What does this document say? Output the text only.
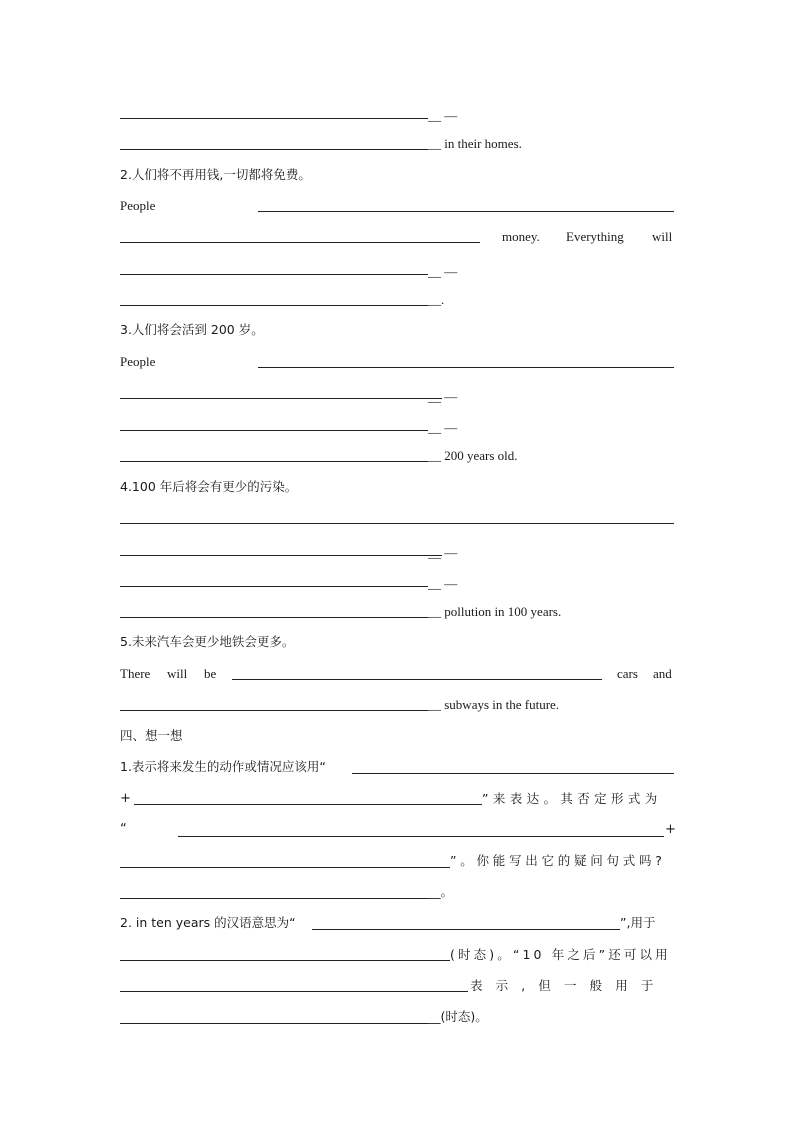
__ —
__ in their homes.
2.人们将不再用钱,一切都将免费。
People
money. Everything will
__ —
__.
3.人们将会活到 200 岁。
People
__ —
__ —
__ 200 years old.
4.100 年后将会有更少的污染。
__ —
__ —
__ pollution in 100 years.
5.未来汽车会更少地铁会更多。
There will be	cars and
__ subways in the future.
四、想一想
1.表示将来发生的动作或情况应该用“
+	”来表达。其否定形式为
“	+
”。你能写出它的疑问句式吗?
__。
2. in ten years 的汉语意思为“	”,用于
(时态)。“10 年之后”还可以用
表示,但一般用于
__(时态)。
